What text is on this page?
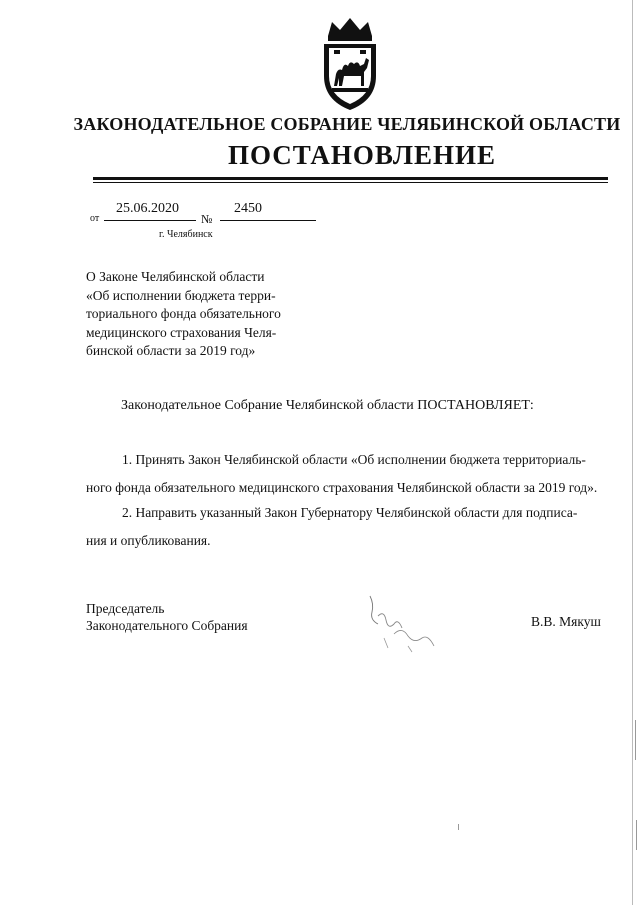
ЗАКОНОДАТЕЛЬНОЕ СОБРАНИЕ ЧЕЛЯБИНСКОЙ ОБЛАСТИ
ПОСТАНОВЛЕНИЕ
от
25.06.2020
№
2450
г. Челябинск
О Законе Челябинской области
«Об исполнении бюджета терри-
ториального фонда обязательного
медицинского страхования Челя-
бинской области за 2019 год»
Законодательное Собрание Челябинской области ПОСТАНОВЛЯЕТ:
1. Принять Закон Челябинской области «Об исполнении бюджета территориаль-
ного фонда обязательного медицинского страхования Челябинской области за 2019 год».
2. Направить указанный Закон Губернатору Челябинской области для подписа-
ния и опубликования.
Председатель
Законодательного Собрания	В.В. Мякуш
